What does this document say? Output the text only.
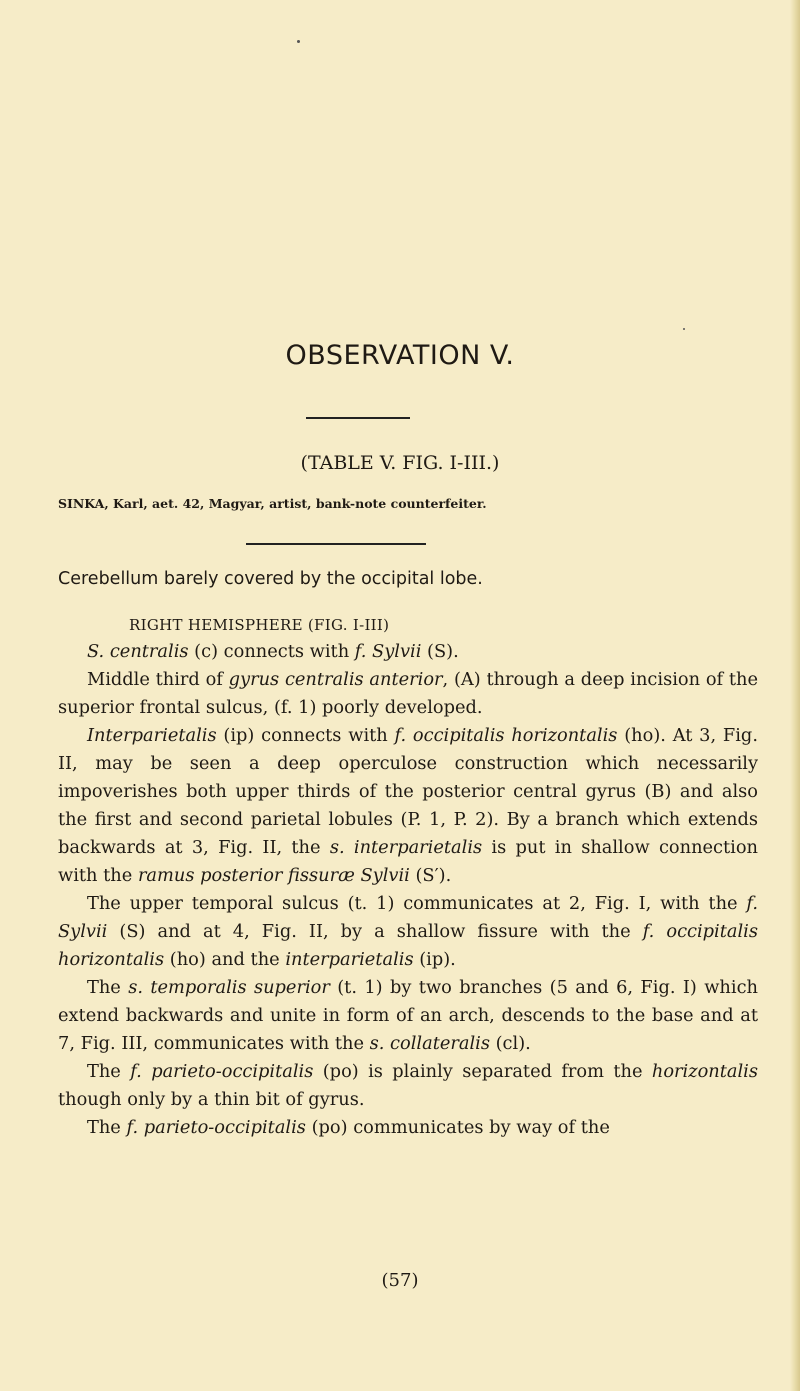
OBSERVATION V.
(TABLE V. FIG. I-III.)
SINKA, Karl, aet. 42, Magyar, artist, bank-note counterfeiter.
Cerebellum barely covered by the occipital lobe.
RIGHT HEMISPHERE (FIG. I-III)

S. centralis (c) connects with f. Sylvii (S).

Middle third of gyrus centralis anterior, (A) through a deep incision of the superior frontal sulcus, (f. 1) poorly developed.

Interparietalis (ip) connects with f. occipitalis horizontalis (ho). At 3, Fig. II, may be seen a deep operculose construction which necessarily impoverishes both upper thirds of the posterior central gyrus (B) and also the first and second parietal lobules (P. 1, P. 2). By a branch which extends backwards at 3, Fig. II, the s. interparietalis is put in shallow connection with the ramus posterior fissuræ Sylvii (S′).

The upper temporal sulcus (t. 1) communicates at 2, Fig. I, with the f. Sylvii (S) and at 4, Fig. II, by a shallow fissure with the f. occipitalis horizontalis (ho) and the interparietalis (ip).

The s. temporalis superior (t. 1) by two branches (5 and 6, Fig. I) which extend backwards and unite in form of an arch, descends to the base and at 7, Fig. III, communicates with the s. collateralis (cl).

The f. parieto-occipitalis (po) is plainly separated from the horizontalis though only by a thin bit of gyrus.

The f. parieto-occipitalis (po) communicates by way of the

(57)
